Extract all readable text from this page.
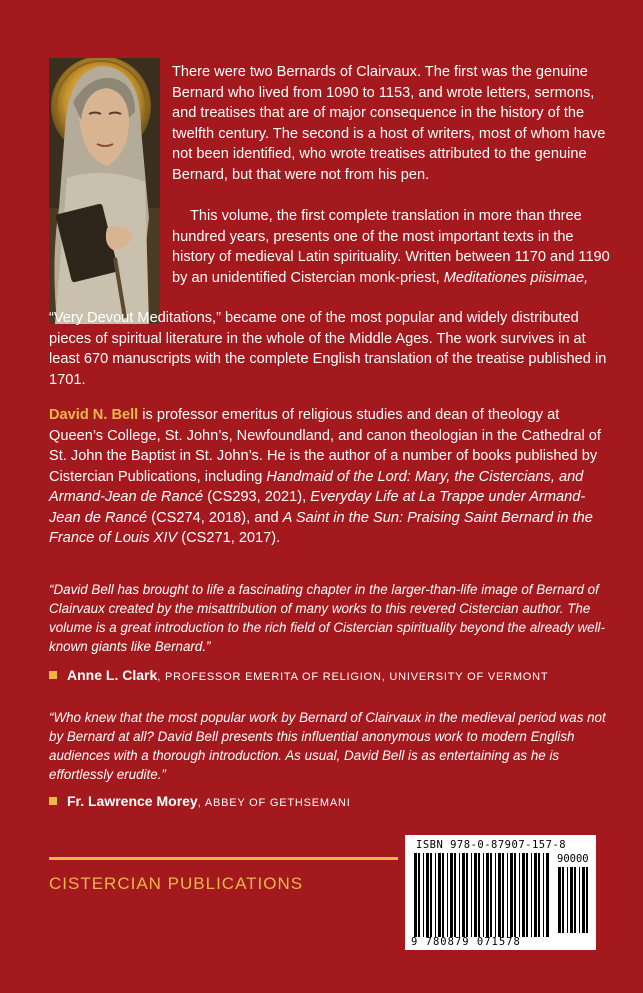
There were two Bernards of Clairvaux. The first was the genuine Bernard who lived from 1090 to 1153, and wrote letters, sermons, and treatises that are of major consequence in the history of the twelfth century. The second is a host of writers, most of whom have not been identified, who wrote treatises attributed to the genuine Bernard, but that were not from his pen.

This volume, the first complete translation in more than three hundred years, presents one of the most important texts in the history of medieval Latin spirituality. Written between 1170 and 1190 by an unidentified Cistercian monk-priest, Meditationes piisimae,

“Very Devout Meditations,” became one of the most popular and widely distributed pieces of spiritual literature in the whole of the Middle Ages. The work survives in at least 670 manuscripts with the complete English translation of the treatise published in 1701.

David N. Bell is professor emeritus of religious studies and dean of theology at Queen’s College, St. John’s, Newfoundland, and canon theologian in the Cathedral of St. John the Baptist in St. John’s. He is the author of a number of books published by Cistercian Publications, including Handmaid of the Lord: Mary, the Cistercians, and Armand-Jean de Rancé (CS293, 2021), Everyday Life at La Trappe under Armand-Jean de Rancé (CS274, 2018), and A Saint in the Sun: Praising Saint Bernard in the France of Louis XIV (CS271, 2017).

“David Bell has brought to life a fascinating chapter in the larger-than-life image of Bernard of Clairvaux created by the misattribution of many works to this revered Cistercian author. The volume is a great introduction to the rich field of Cistercian spirituality beyond the already well-known giants like Bernard.”

Anne L. Clark, PROFESSOR EMERITA OF RELIGION, UNIVERSITY OF VERMONT

“Who knew that the most popular work by Bernard of Clairvaux in the medieval period was not by Bernard at all? David Bell presents this influential anonymous work to modern English audiences with a thorough introduction. As usual, David Bell is as entertaining as he is effortlessly erudite.”

Fr. Lawrence Morey, ABBEY OF GETHSEMANI
CISTERCIAN PUBLICATIONS
ISBN 978-0-87907-157-8
90000
9 780879 071578
